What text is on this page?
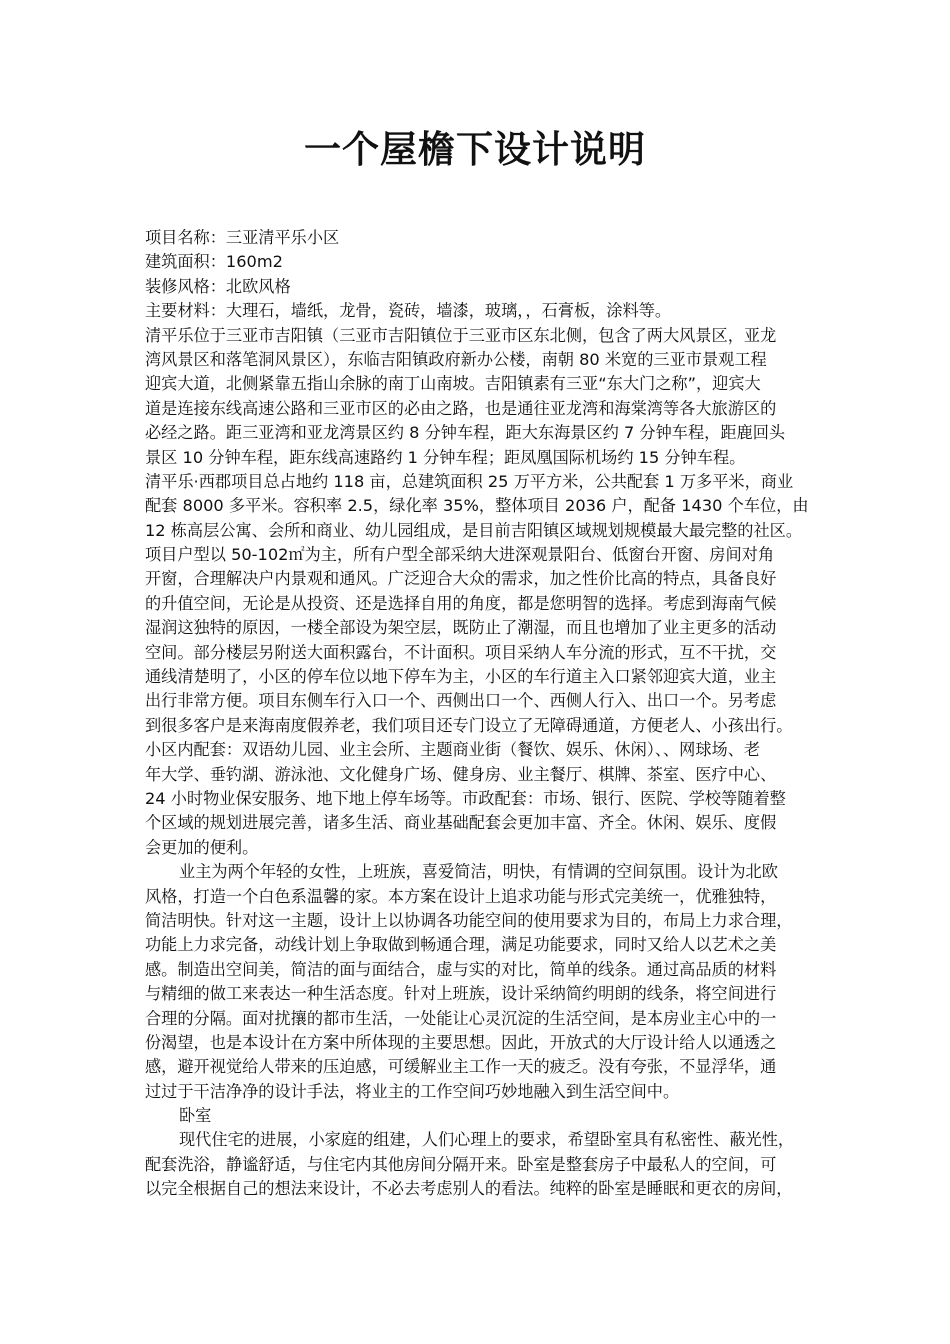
一个屋檐下设计说明
项目名称：三亚清平乐小区
建筑面积：160m2
装修风格：北欧风格
主要材料：大理石，墙纸，龙骨，瓷砖，墙漆，玻璃，，石膏板，涂料等。
清平乐位于三亚市吉阳镇（三亚市吉阳镇位于三亚市区东北侧，包含了两大风景区，亚龙
湾风景区和落笔洞风景区），东临吉阳镇政府新办公楼，南朝 80 米宽的三亚市景观工程
迎宾大道，北侧紧靠五指山余脉的南丁山南坡。吉阳镇素有三亚“东大门之称”，迎宾大
道是连接东线高速公路和三亚市区的必由之路，也是通往亚龙湾和海棠湾等各大旅游区的
必经之路。距三亚湾和亚龙湾景区约 8 分钟车程，距大东海景区约 7 分钟车程，距鹿回头
景区 10 分钟车程，距东线高速路约 1 分钟车程；距凤凰国际机场约 15 分钟车程。
清平乐·西郡项目总占地约 118 亩，总建筑面积 25 万平方米，公共配套 1 万多平米，商业
配套 8000 多平米。容积率 2.5，绿化率 35%，整体项目 2036 户，配备 1430 个车位，由
12 栋高层公寓、会所和商业、幼儿园组成，是目前吉阳镇区域规划规模最大最完整的社区。
项目户型以 50-102㎡为主，所有户型全部采纳大进深观景阳台、低窗台开窗、房间对角
开窗，合理解决户内景观和通风。广泛迎合大众的需求，加之性价比高的特点，具备良好
的升值空间，无论是从投资、还是选择自用的角度，都是您明智的选择。考虑到海南气候
湿润这独特的原因，一楼全部设为架空层，既防止了潮湿，而且也增加了业主更多的活动
空间。部分楼层另附送大面积露台，不计面积。项目采纳人车分流的形式，互不干扰，交
通线清楚明了，小区的停车位以地下停车为主，小区的车行道主入口紧邻迎宾大道，业主
出行非常方便。项目东侧车行入口一个、西侧出口一个、西侧人行入、出口一个。另考虑
到很多客户是来海南度假养老，我们项目还专门设立了无障碍通道，方便老人、小孩出行。
小区内配套：双语幼儿园、业主会所、主题商业街（餐饮、娱乐、休闲）、、网球场、老
年大学、垂钓湖、游泳池、文化健身广场、健身房、业主餐厅、棋牌、茶室、医疗中心、
24 小时物业保安服务、地下地上停车场等。市政配套：市场、银行、医院、学校等随着整
个区域的规划进展完善，诸多生活、商业基础配套会更加丰富、齐全。休闲、娱乐、度假
会更加的便利。
业主为两个年轻的女性，上班族，喜爱简洁，明快，有情调的空间氛围。设计为北欧
风格，打造一个白色系温馨的家。本方案在设计上追求功能与形式完美统一，优雅独特，
简洁明快。针对这一主题，设计上以协调各功能空间的使用要求为目的，布局上力求合理，
功能上力求完备，动线计划上争取做到畅通合理，满足功能要求，同时又给人以艺术之美
感。制造出空间美，简洁的面与面结合，虚与实的对比，简单的线条。通过高品质的材料
与精细的做工来表达一种生活态度。针对上班族，设计采纳简约明朗的线条，将空间进行
合理的分隔。面对扰攘的都市生活，一处能让心灵沉淀的生活空间，是本房业主心中的一
份渴望，也是本设计在方案中所体现的主要思想。因此，开放式的大厅设计给人以通透之
感，避开视觉给人带来的压迫感，可缓解业主工作一天的疲乏。没有夸张，不显浮华，通
过过于干洁净净的设计手法，将业主的工作空间巧妙地融入到生活空间中。
卧室
现代住宅的进展，小家庭的组建，人们心理上的要求，希望卧室具有私密性、蔽光性，
配套洗浴，静谧舒适，与住宅内其他房间分隔开来。卧室是整套房子中最私人的空间，可
以完全根据自己的想法来设计，不必去考虑别人的看法。纯粹的卧室是睡眠和更衣的房间，
